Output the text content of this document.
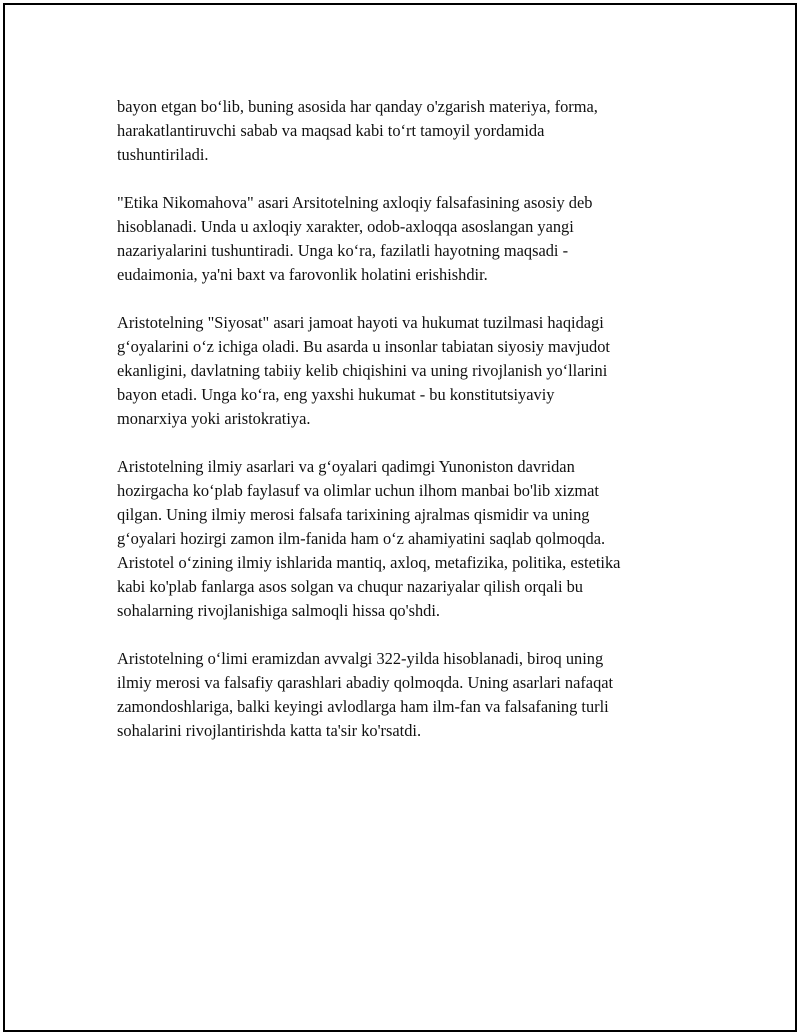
bayon etgan bo‘lib, buning asosida har qanday o'zgarish materiya, forma,
harakatlantiruvchi sabab va maqsad kabi to‘rt tamoyil yordamida
tushuntiriladi.

"Etika Nikomahova" asari Arsitotelning axloqiy falsafasining asosiy deb
hisoblanadi. Unda u axloqiy xarakter, odob-axloqqa asoslangan yangi
nazariyalarini tushuntiradi. Unga ko‘ra, fazilatli hayotning maqsadi -
eudaimonia, ya'ni baxt va farovonlik holatini erishishdir.

Aristotelning "Siyosat" asari jamoat hayoti va hukumat tuzilmasi haqidagi
g‘oyalarini o‘z ichiga oladi. Bu asarda u insonlar tabiatan siyosiy mavjudot
ekanligini, davlatning tabiiy kelib chiqishini va uning rivojlanish yo‘llarini
bayon etadi. Unga ko‘ra, eng yaxshi hukumat - bu konstitutsiyaviy
monarxiya yoki aristokratiya.

Aristotelning ilmiy asarlari va g‘oyalari qadimgi Yunoniston davridan
hozirgacha ko‘plab faylasuf va olimlar uchun ilhom manbai bo'lib xizmat
qilgan. Uning ilmiy merosi falsafa tarixining ajralmas qismidir va uning
g‘oyalari hozirgi zamon ilm-fanida ham o‘z ahamiyatini saqlab qolmoqda.
Aristotel o‘zining ilmiy ishlarida mantiq, axloq, metafizika, politika, estetika
kabi ko'plab fanlarga asos solgan va chuqur nazariyalar qilish orqali bu
sohalarning rivojlanishiga salmoqli hissa qo'shdi.

Aristotelning o‘limi eramizdan avvalgi 322-yilda hisoblanadi, biroq uning
ilmiy merosi va falsafiy qarashlari abadiy qolmoqda. Uning asarlari nafaqat
zamondoshlariga, balki keyingi avlodlarga ham ilm-fan va falsafaning turli
sohalarini rivojlantirishda katta ta'sir ko'rsatdi.
